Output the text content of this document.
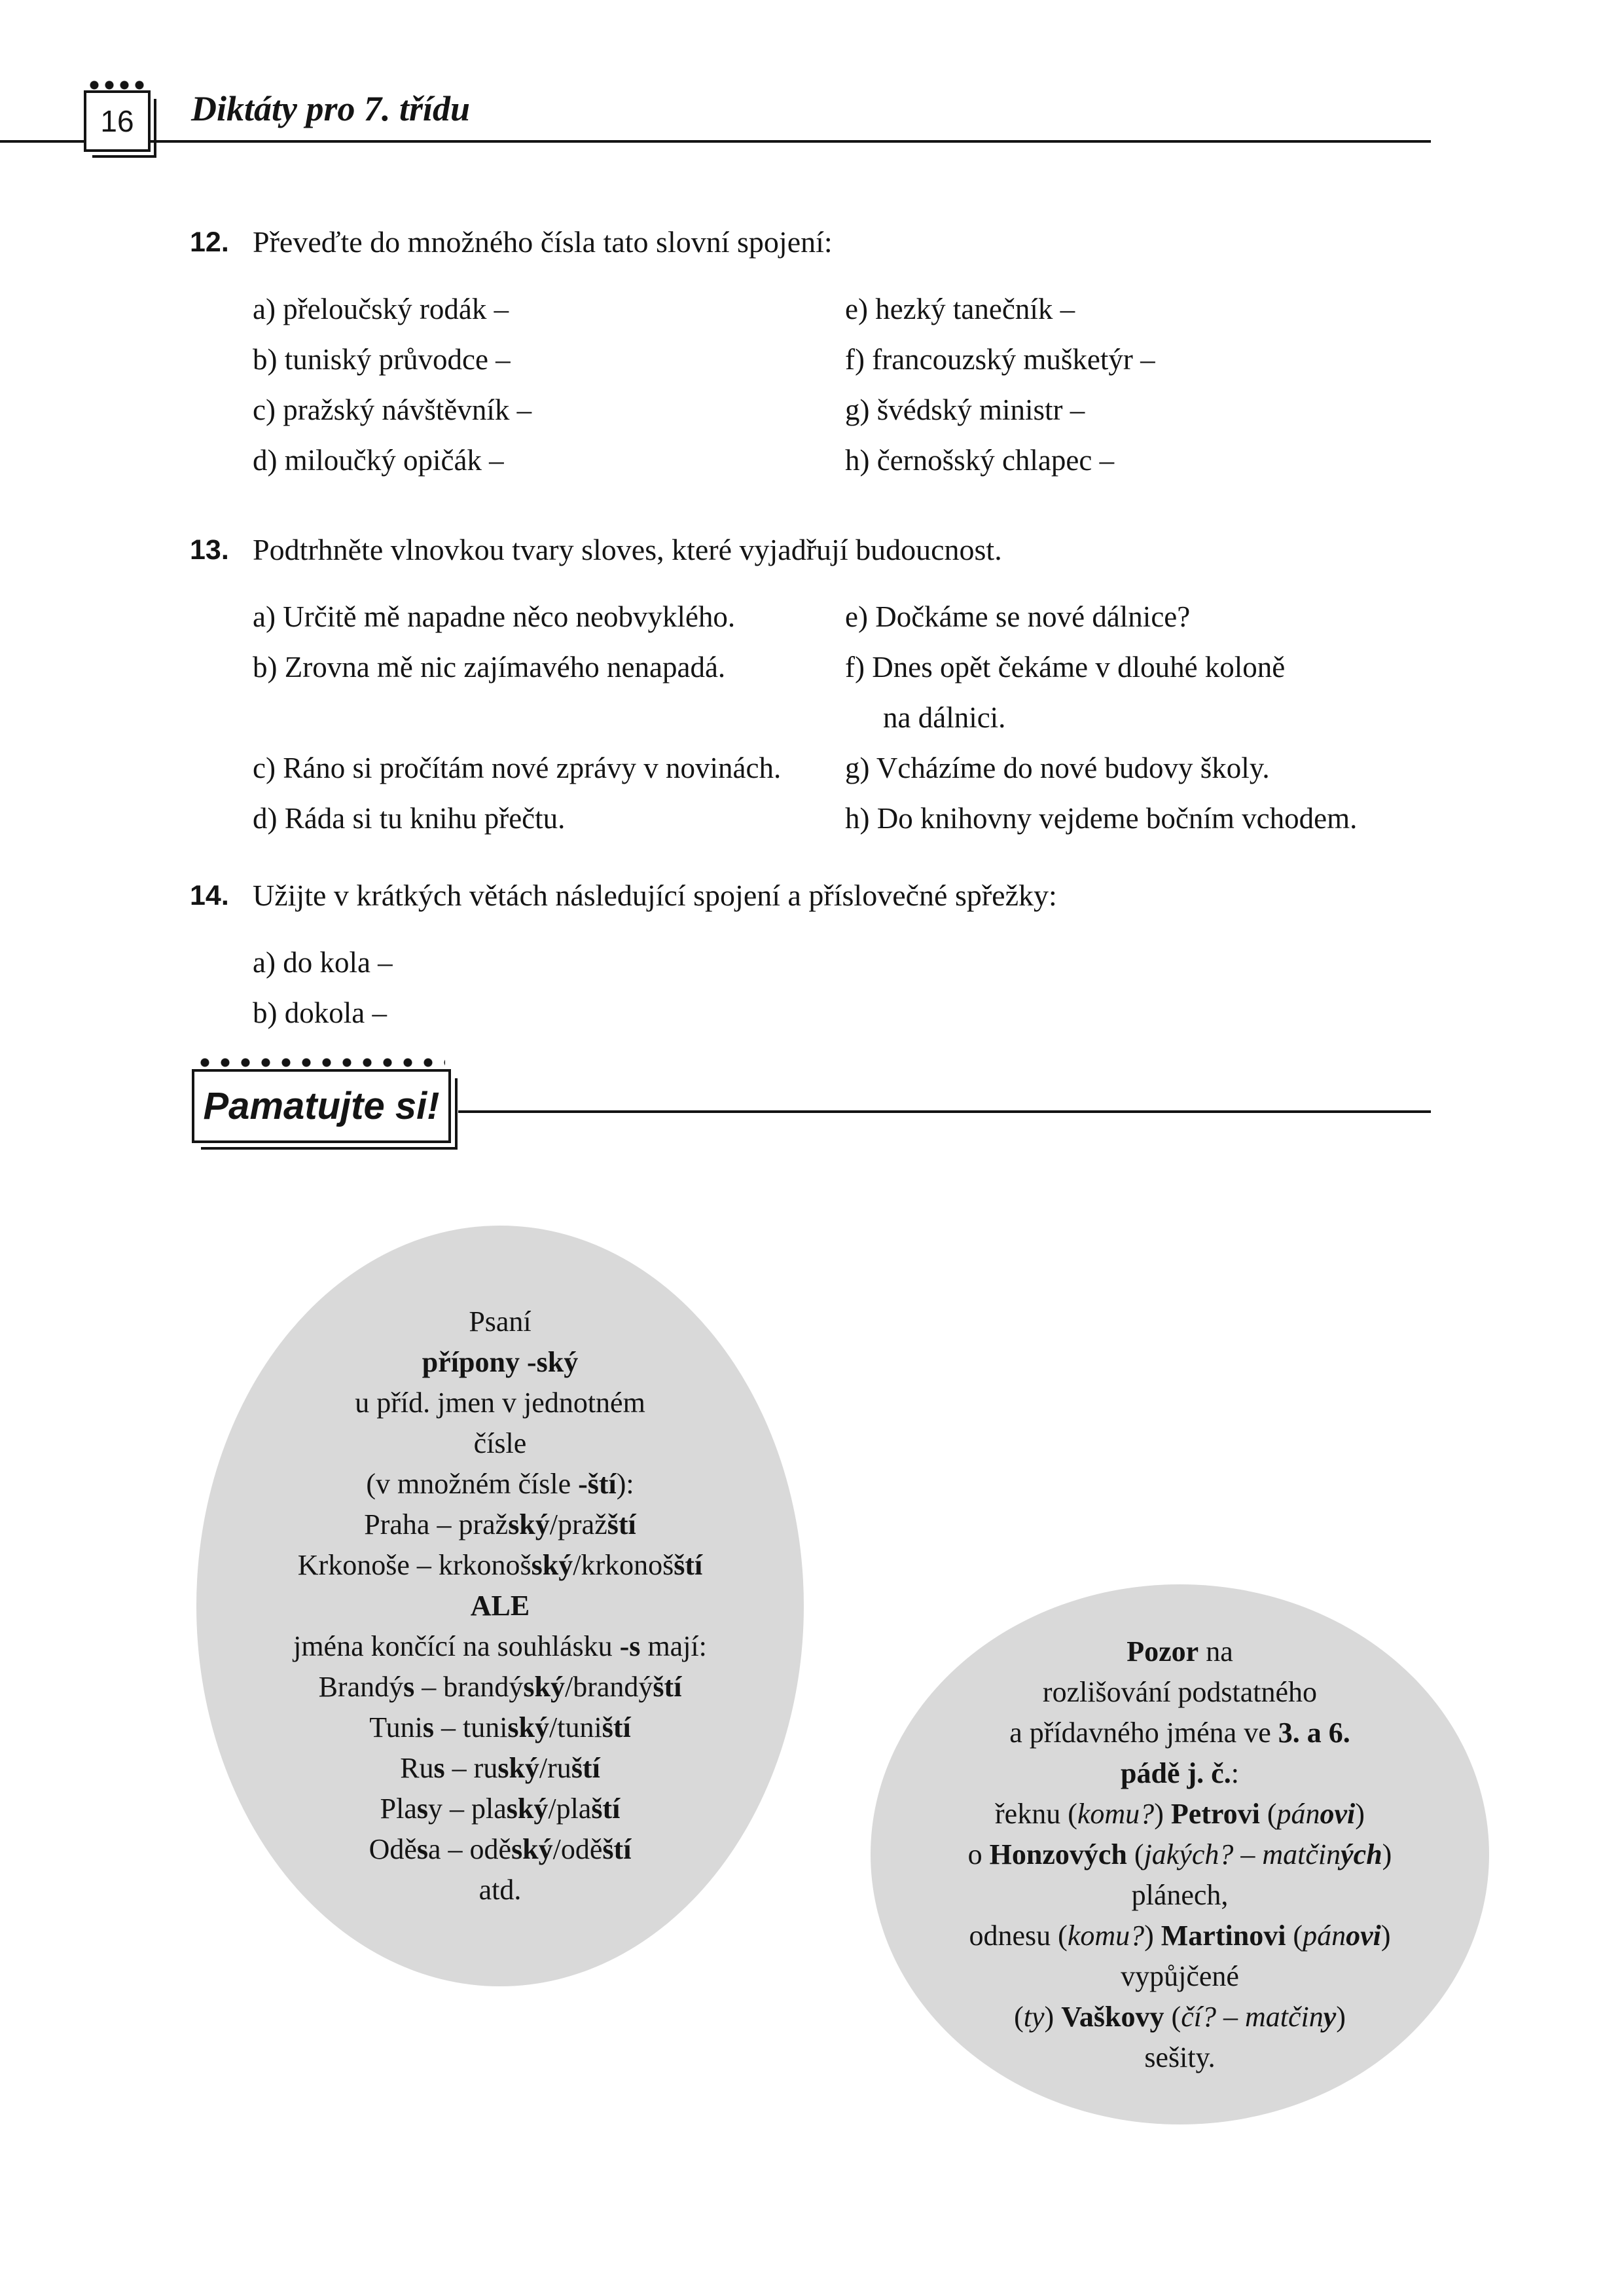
16 Diktáty pro 7. třídu
12. Převeďte do množného čísla tato slovní spojení:
a) přeloučský rodák –	e) hezký tanečník –
b) tuniský průvodce –	f) francouzský mušketýr –
c) pražský návštěvník –	g) švédský ministr –
d) miloučký opičák –	h) černošský chlapec –
13. Podtrhněte vlnovkou tvary sloves, které vyjadřují budoucnost.
a) Určitě mě napadne něco neobvyklého.	e) Dočkáme se nové dálnice?
b) Zrovna mě nic zajímavého nenapadá.	f) Dnes opět čekáme v dlouhé koloně
na dálnici.
c) Ráno si pročítám nové zprávy v novinách.	g) Vcházíme do nové budovy školy.
d) Ráda si tu knihu přečtu.	h) Do knihovny vejdeme bočním vchodem.
14. Užijte v krátkých větách následující spojení a příslovečné spřežky:
a) do kola –
b) dokola –
Pamatujte si!
Psaní
přípony -ský
u příd. jmen v jednotném
čísle
(v množném čísle -ští):
Praha – pražský/pražští
Krkonoše – krkonošský/krkonošští
ALE
jména končící na souhlásku -s mají:
Brandýs – brandýský/brandýští
Tunis – tuniský/tuniští
Rus – ruský/ruští
Plasy – plaský/plaští
Oděsa – oděský/oděští
atd.
Pozor na
rozlišování podstatného
a přídavného jména ve 3. a 6.
pádě j. č.:
řeknu (komu?) Petrovi (pánovi)
o Honzových (jakých? – matčiných)
plánech,
odnesu (komu?) Martinovi (pánovi)
vypůjčené
(ty) Vaškovy (čí? – matčiny)
sešity.
